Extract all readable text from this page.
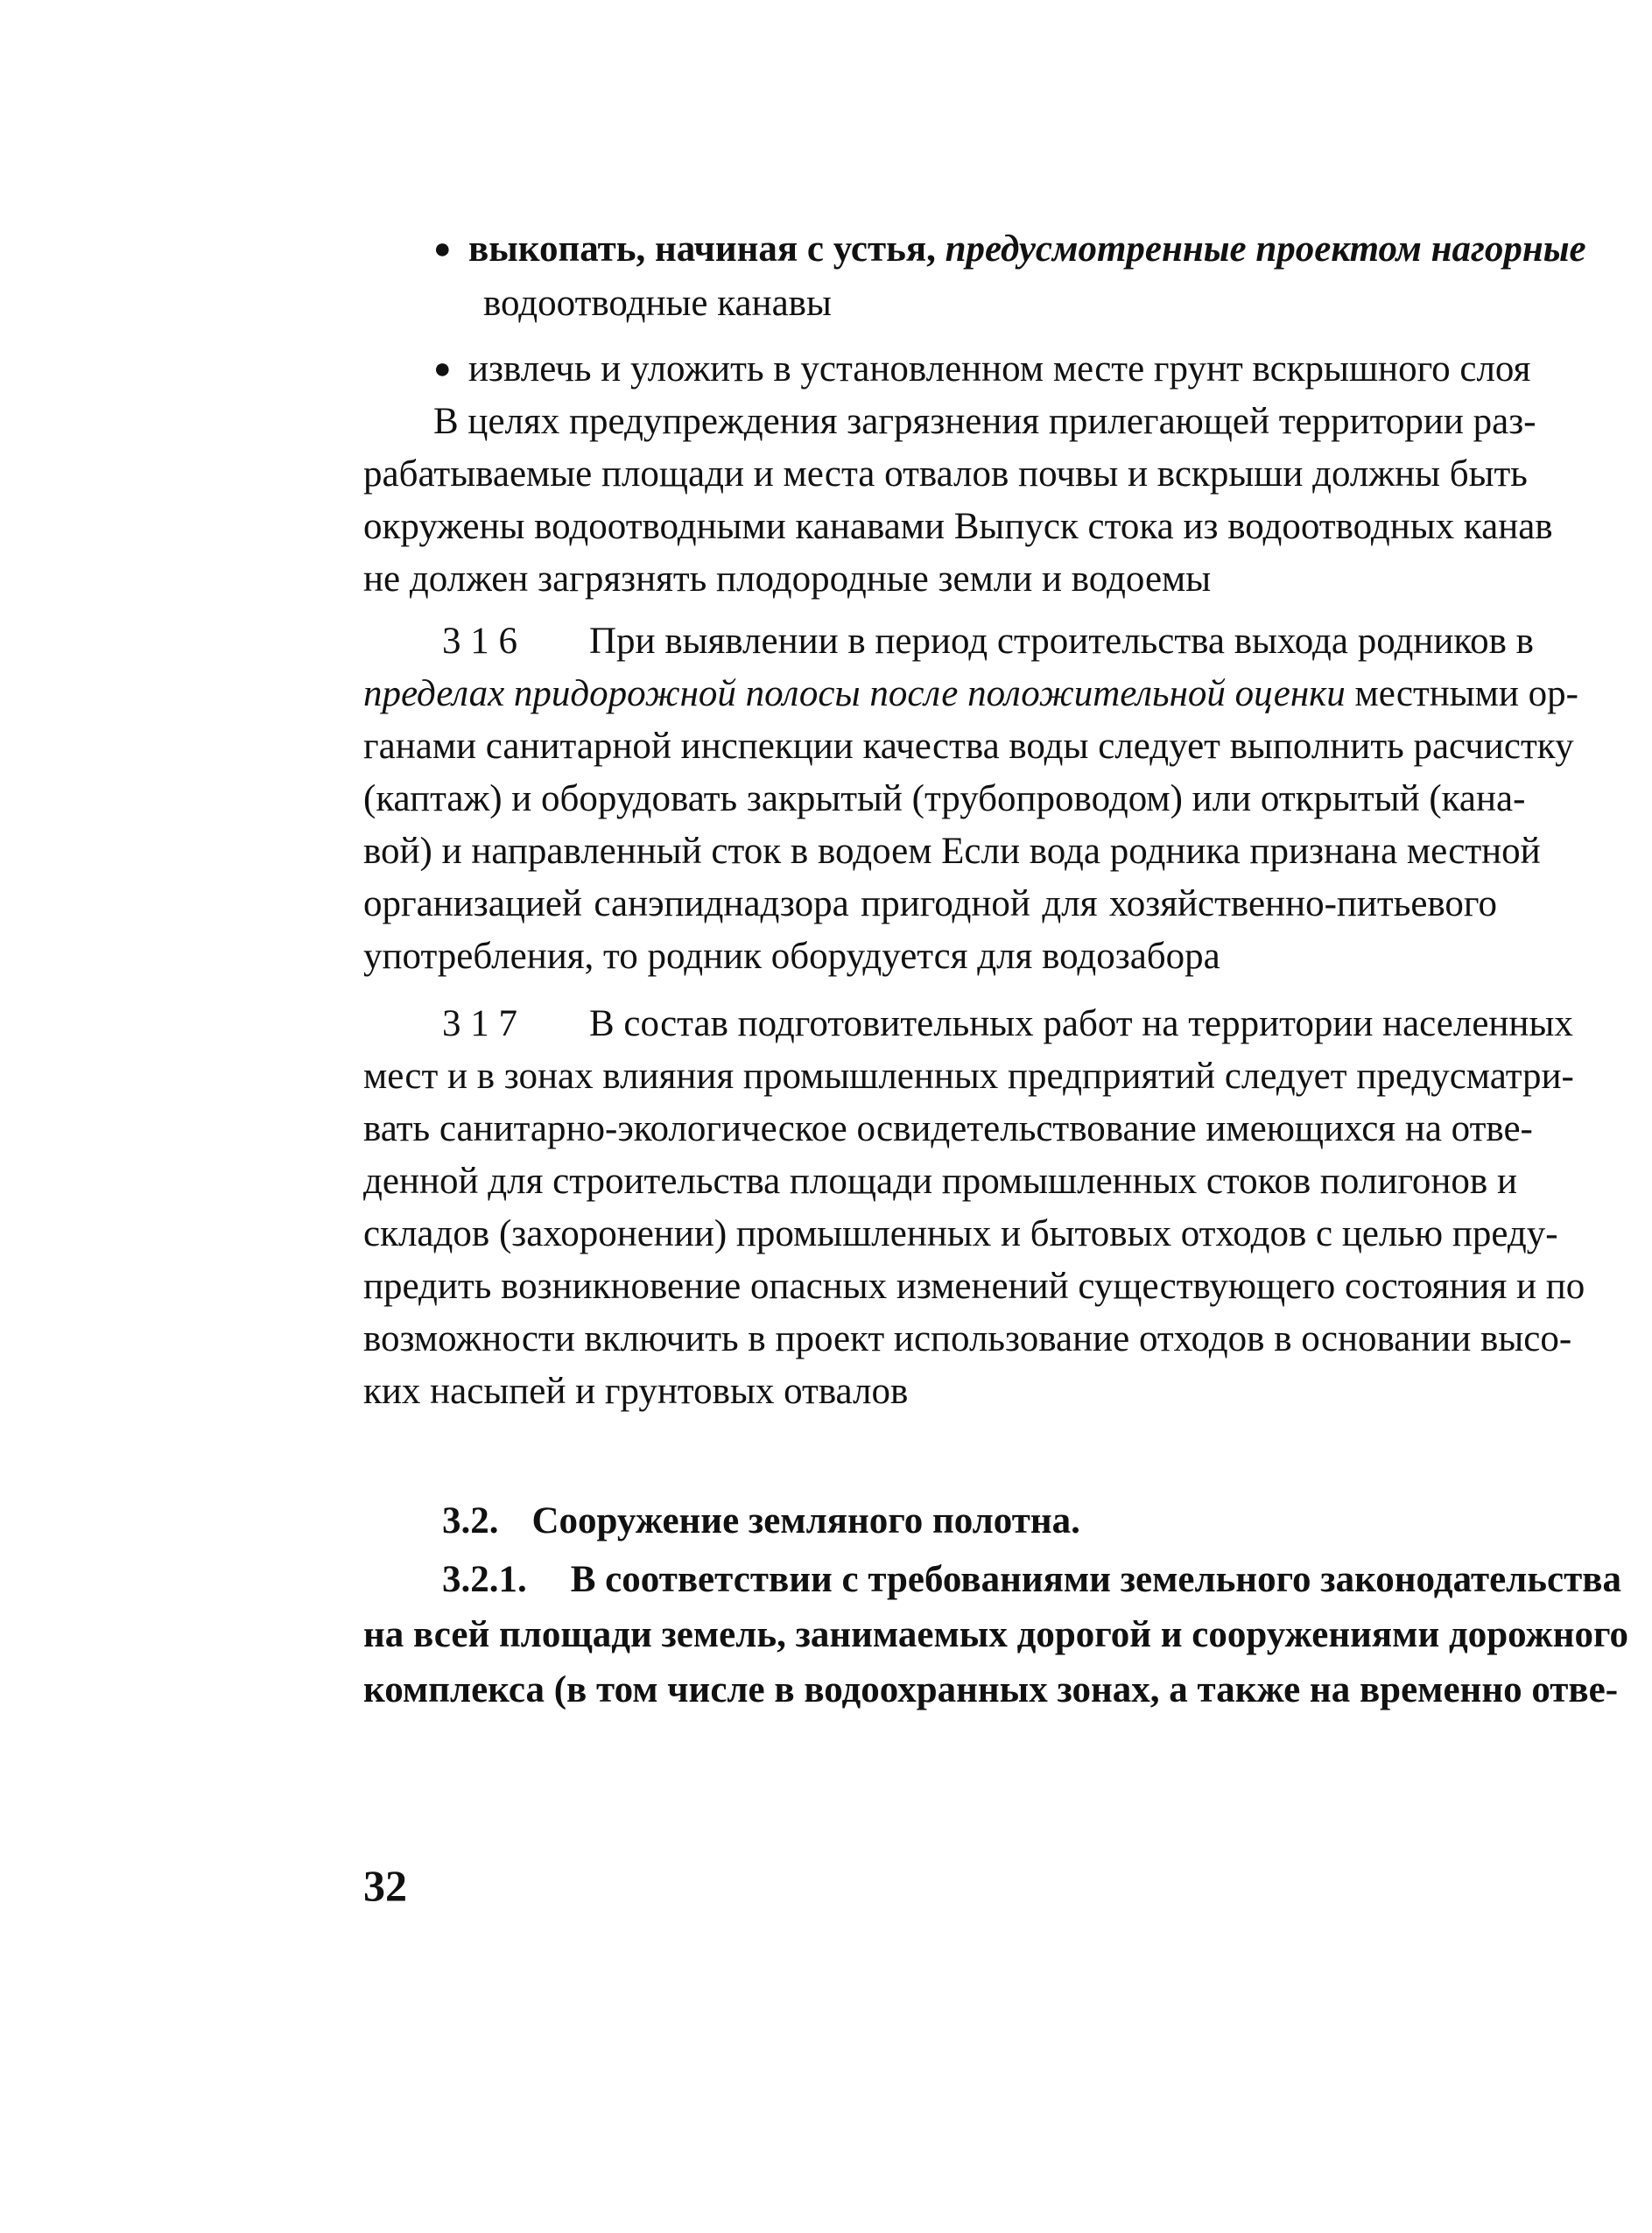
● выкопать, начиная с устья, предусмотренные проектом нагорные
водоотводные канавы
● извлечь и уложить в установленном месте грунт вскрышного слоя
В целях предупреждения загрязнения прилегающей территории раз-
рабатываемые площади и места отвалов почвы и вскрыши должны быть
окружены водоотводными канавами Выпуск стока из водоотводных канав
не должен загрязнять плодородные земли и водоемы
3 1 6 При выявлении в период строительства выхода родников в
пределах придорожной полосы после положительной оценки местными ор-
ганами санитарной инспекции качества воды следует выполнить расчистку
(каптаж) и оборудовать закрытый (трубопроводом) или открытый (кана-
вой) и направленный сток в водоем Если вода родника признана местной
организацией санэпиднадзора пригодной для хозяйственно-питьевого
употребления, то родник оборудуется для водозабора
3 1 7 В состав подготовительных работ на территории населенных
мест и в зонах влияния промышленных предприятий следует предусматри-
вать санитарно-экологическое освидетельствование имеющихся на отве-
денной для строительства площади промышленных стоков полигонов и
складов (захоронении) промышленных и бытовых отходов с целью преду-
предить возникновение опасных изменений существующего состояния и по
возможности включить в проект использование отходов в основании высо-
ких насыпей и грунтовых отвалов
3.2. Сооружение земляного полотна.
3.2.1. В соответствии с требованиями земельного законодательства
на всей площади земель, занимаемых дорогой и сооружениями дорожного
комплекса (в том числе в водоохранных зонах, а также на временно отве-
32
